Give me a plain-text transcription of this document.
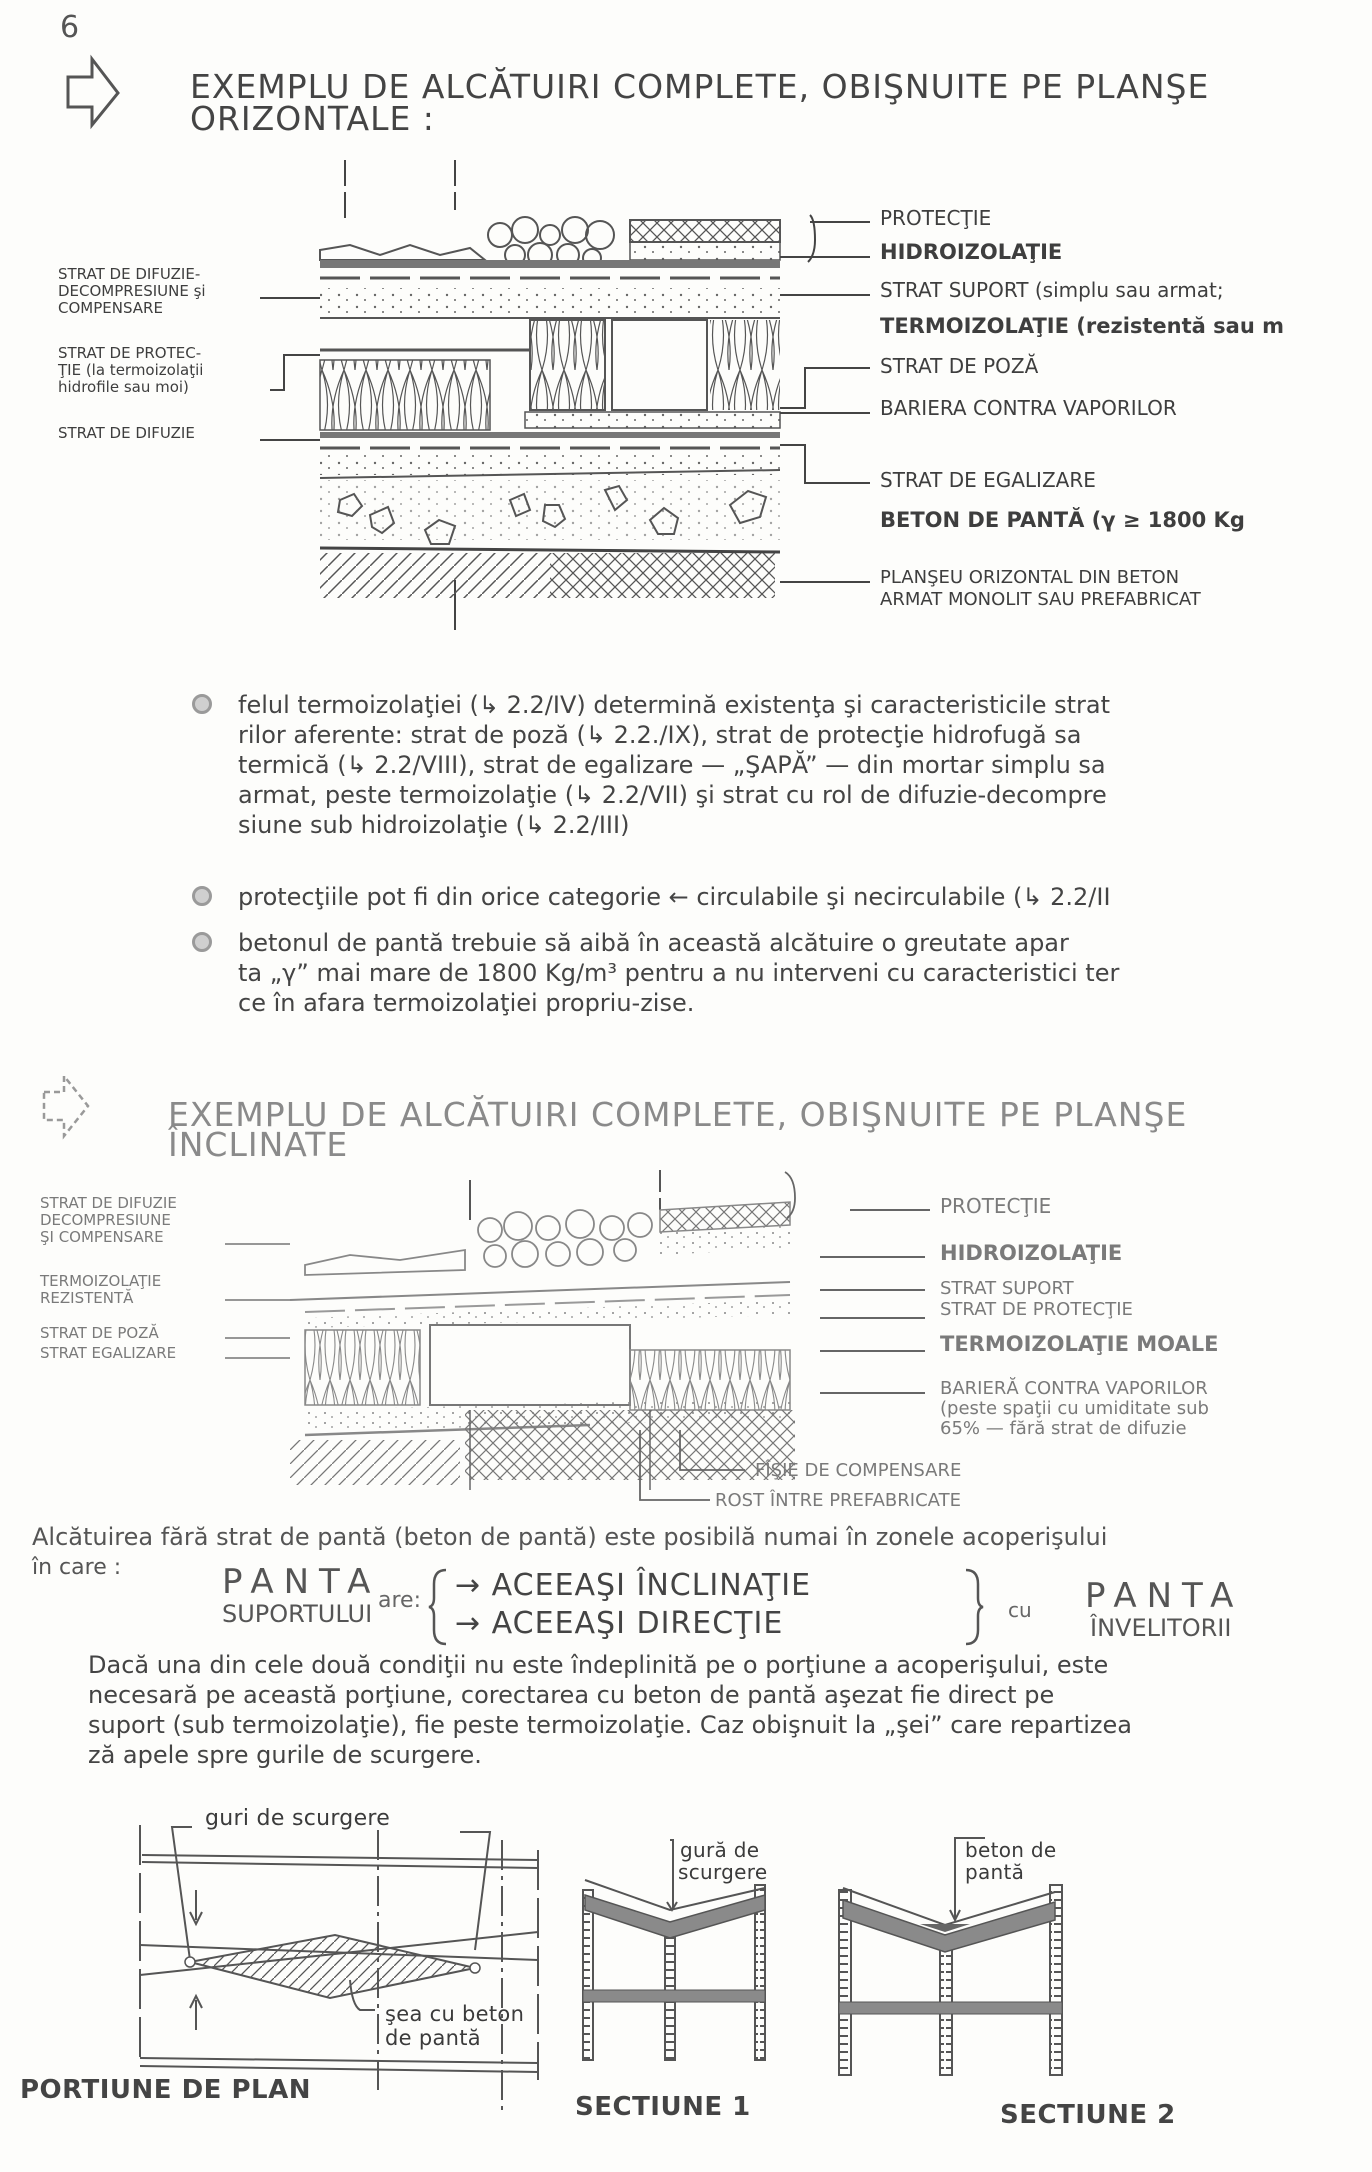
6
EXEMPLU DE ALCĂTUIRI COMPLETE, OBIŞNUITE PE PLANŞE
ORIZONTALE :
PROTECŢIE
HIDROIZOLAŢIE
STRAT SUPORT (simplu sau armat;
TERMOIZOLAŢIE (rezistentă sau m
STRAT DE POZĂ
BARIERA CONTRA VAPORILOR
STRAT DE EGALIZARE
BETON DE PANTĂ (γ ≥ 1800 Kg
PLANŞEU ORIZONTAL DIN BETON
ARMAT MONOLIT SAU PREFABRICAT
STRAT DE DIFUZIE-
DECOMPRESIUNE şi
COMPENSARE
STRAT DE PROTEC-
ŢIE (la termoizolaţii
hidrofile sau moi)
STRAT DE DIFUZIE
felul termoizolaţiei (↳ 2.2/IV) determină existenţa şi caracteristicile strat
rilor aferente: strat de poză (↳ 2.2./IX), strat de protecţie hidrofugă sa
termică (↳ 2.2/VIII), strat de egalizare — „ŞAPĂ” — din mortar simplu sa
armat, peste termoizolaţie (↳ 2.2/VII) şi strat cu rol de difuzie-decompre
siune sub hidroizolaţie (↳ 2.2/III)
protecţiile pot fi din orice categorie ← circulabile şi necirculabile (↳ 2.2/II
betonul de pantă trebuie să aibă în această alcătuire o greutate apar
ta „γ” mai mare de 1800 Kg/m³ pentru a nu interveni cu caracteristici ter
ce în afara termoizolaţiei propriu-zise.
EXEMPLU DE ALCĂTUIRI COMPLETE, OBIŞNUITE PE PLANŞE
ÎNCLINATE
PROTECŢIE
HIDROIZOLAŢIE
STRAT SUPORT
STRAT DE PROTECŢIE
TERMOIZOLAŢIE MOALE
BARIERĂ CONTRA VAPORILOR
(peste spaţii cu umiditate sub
65% — fără strat de difuzie
FÎŞIE DE COMPENSARE
ROST ÎNTRE PREFABRICATE
STRAT DE DIFUZIE
DECOMPRESIUNE
ŞI COMPENSARE
TERMOIZOLAŢIE
REZISTENTĂ
STRAT DE POZĂ
STRAT EGALIZARE
Alcătuirea fără strat de pantă (beton de pantă) este posibilă numai în zonele acoperişului
în care :	PANTA
SUPORTULUI are: → ACEEAŞI ÎNCLINAŢIE
→ ACEEAŞI DIRECŢIE	cu PANTA
ÎNVELITORII
Dacă una din cele două condiţii nu este îndeplinită pe o porţiune a acoperişului, este
necesară pe această porţiune, corectarea cu beton de pantă aşezat fie direct pe
suport (sub termoizolaţie), fie peste termoizolaţie. Caz obişnuit la „şei” care repartizea
ză apele spre gurile de scurgere.
guri de scurgere
şea cu beton
de pantă
PORTIUNE DE PLAN
gură de
scurgere
SECTIUNE 1
beton de
pantă
SECTIUNE 2
